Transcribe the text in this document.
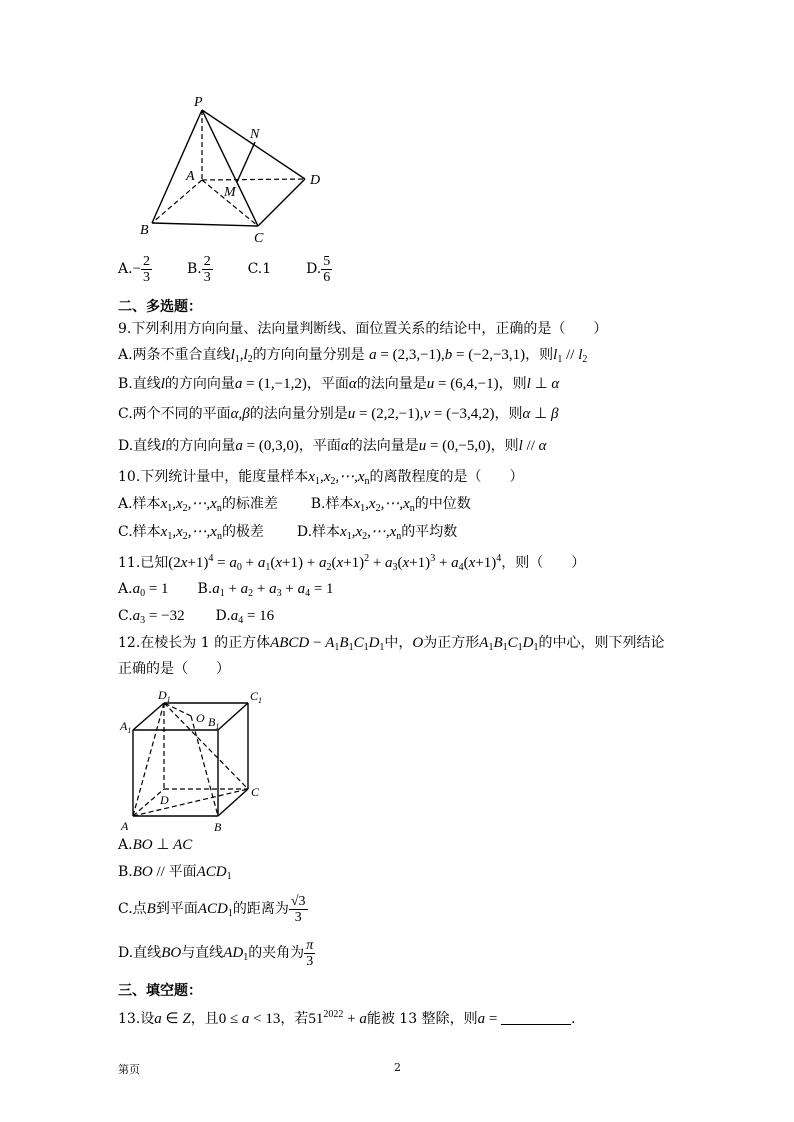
P
N
A
M
D
B
C
$A.- \frac{2}{3} B$. $\frac{2}{3} C.1$ D. $\frac{5}{6}$
二、多选题：
9.下列利用方向向量、法向量判断线、面位置关系的结论中，正确的是（　　）
A.两条不重合直线$l_1,l_2$的方向向量分别是 a = (2,3,−1),b = (−2,−3,1)，则$l_1 // l_2$
B.直线l的方向向量a = (1,−1,2)，平面α的法向量是u = (6,4,−1)，则l ⊥ α
C.两个不同的平面α,β的法向量分别是u = (2,2,−1),v = (−3,4,2)，则α ⊥ β
D.直线l的方向向量a = (0,3,0)，平面α的法向量是u = (0,−5,0)，则l // α
10.下列统计量中，能度量样本$x_1,x_2,\cdots,x_n$的离散程度的是（　　）
A.样本$x_1,x_2,\cdots,x_n$的标准差 B.样本$x_1,x_2,\cdots,x_n$的中位数
C.样本$x_1,x_2,\cdots,x_n$的极差 D.样本$x_1,x_2,\cdots,x_n$的平均数
11.已知$(2x+1)^4 = a_0 + a_1(x+1) + a_2(x+1)^2 + a_3(x+1)^3 + a_4(x+1)^4$，则（　　）
$A.a_0 = 1$ $B.a_1 + a_2 + a_3 + a_4 = 1$
$C.a_3 = -32$ $D.a_4 = 16$
12.在棱长为 1 的正方体ABCD − $A_1B_1C_1D_1$中，O为正方形$A_1B_1C_1D_1$的中心，则下列结论
正确的是（　　）
$D_1$	$C_1$
$A_1$
O $B_1$
D
C
A	B
A.BO ⊥ AC
B.BO // 平面$ACD_1$
C.点B到平面$ACD_1$的距离为 $\frac{√3}{3}$
D.直线BO与直线$AD_1$的夹角为 $\frac{\pi}{3}$
三、填空题：
13.设a ∈ Z，且0 ≤ a < 13，若$51^{2022} + a$能被 13 整除，则a =	.
第页	2
